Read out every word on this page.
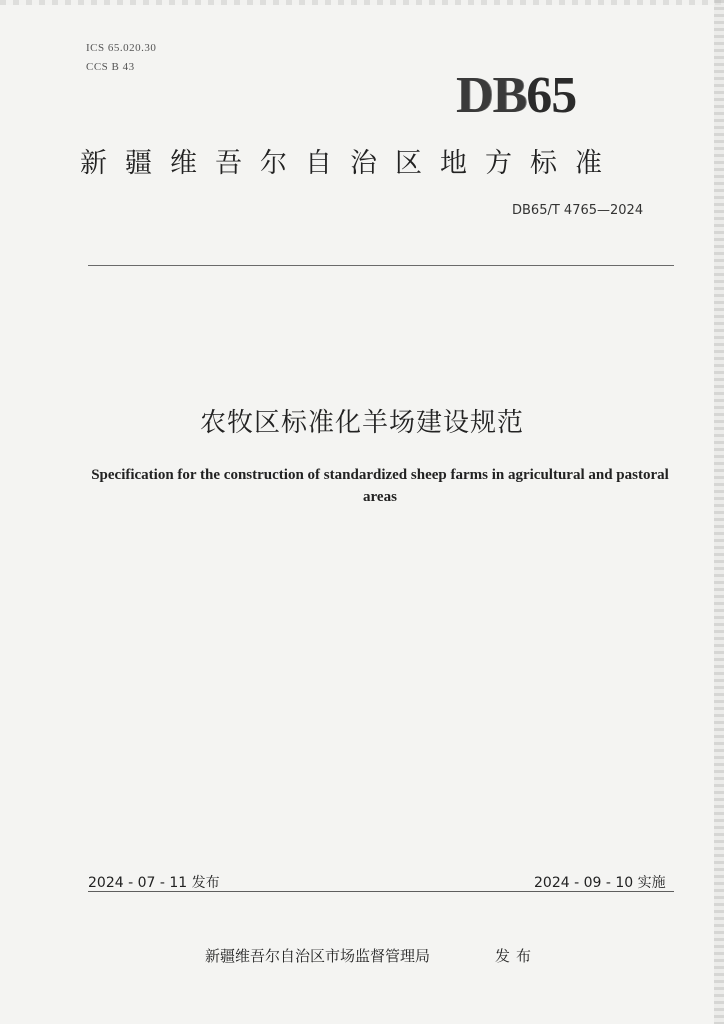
ICS 65.020.30
CCS B 43	DB65
新疆维吾尔自治区地方标准
DB65/T 4765—2024
农牧区标准化羊场建设规范
Specification for the construction of standardized sheep farms in agricultural and pastoral areas
2024 - 07 - 11 发布	2024 - 09 - 10 实施
新疆维吾尔自治区市场监督管理局	发布
